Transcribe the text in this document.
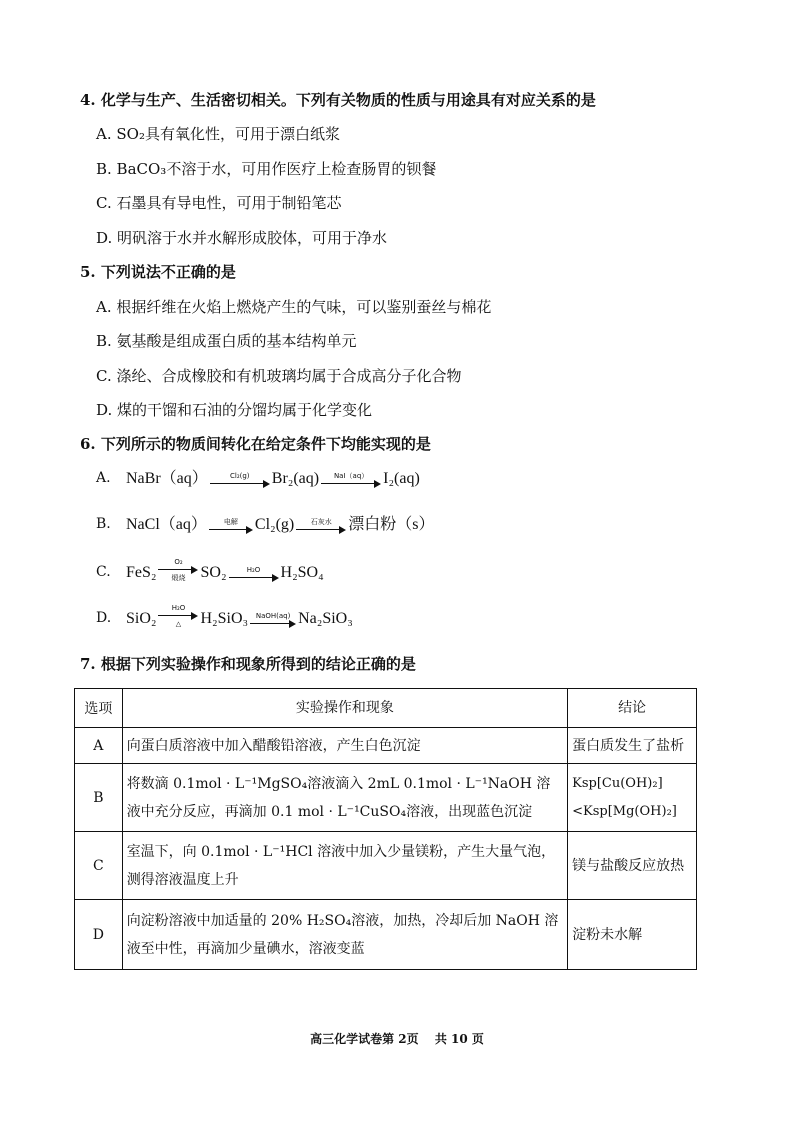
4. 化学与生产、生活密切相关。下列有关物质的性质与用途具有对应关系的是
A. SO₂具有氧化性，可用于漂白纸浆
B. BaCO₃不溶于水，可用作医疗上检查肠胃的钡餐
C. 石墨具有导电性，可用于制铅笔芯
D. 明矾溶于水并水解形成胶体，可用于净水
5. 下列说法不正确的是
A. 根据纤维在火焰上燃烧产生的气味，可以鉴别蚕丝与棉花
B. 氨基酸是组成蛋白质的基本结构单元
C. 涤纶、合成橡胶和有机玻璃均属于合成高分子化合物
D. 煤的干馏和石油的分馏均属于化学变化
6. 下列所示的物质间转化在给定条件下均能实现的是
A. NaBr（aq）	Cl₂(g) Br₂(aq) NaI（aq） I₂(aq)
B. NaCl（aq） 电解 Cl₂(g) 石灰水 漂白粉（s）
C. FeS₂
O₂
煅烧 SO₂	H₂O H₂SO₄
D. SiO₂
H₂O
△ H₂SiO₃ NaOH(aq) Na₂SiO₃
7. 根据下列实验操作和现象所得到的结论正确的是
选项	实验操作和现象	结论
A	向蛋白质溶液中加入醋酸铅溶液，产生白色沉淀	蛋白质发生了盐析
B	将数滴 0.1mol · L⁻¹MgSO₄溶液滴入 2mL 0.1mol · L⁻¹NaOH 溶液中充分反应，再滴加 0.1 mol · L⁻¹CuSO₄溶液，出现蓝色沉淀	Ksp[Cu(OH)₂] <Ksp[Mg(OH)₂]
C	室温下，向 0.1mol · L⁻¹HCl 溶液中加入少量镁粉，产生大量气泡，测得溶液温度上升	镁与盐酸反应放热
D	向淀粉溶液中加适量的 20% H₂SO₄溶液，加热，冷却后加 NaOH 溶液至中性，再滴加少量碘水，溶液变蓝	淀粉未水解
高三化学试卷第 2页 共 10 页
